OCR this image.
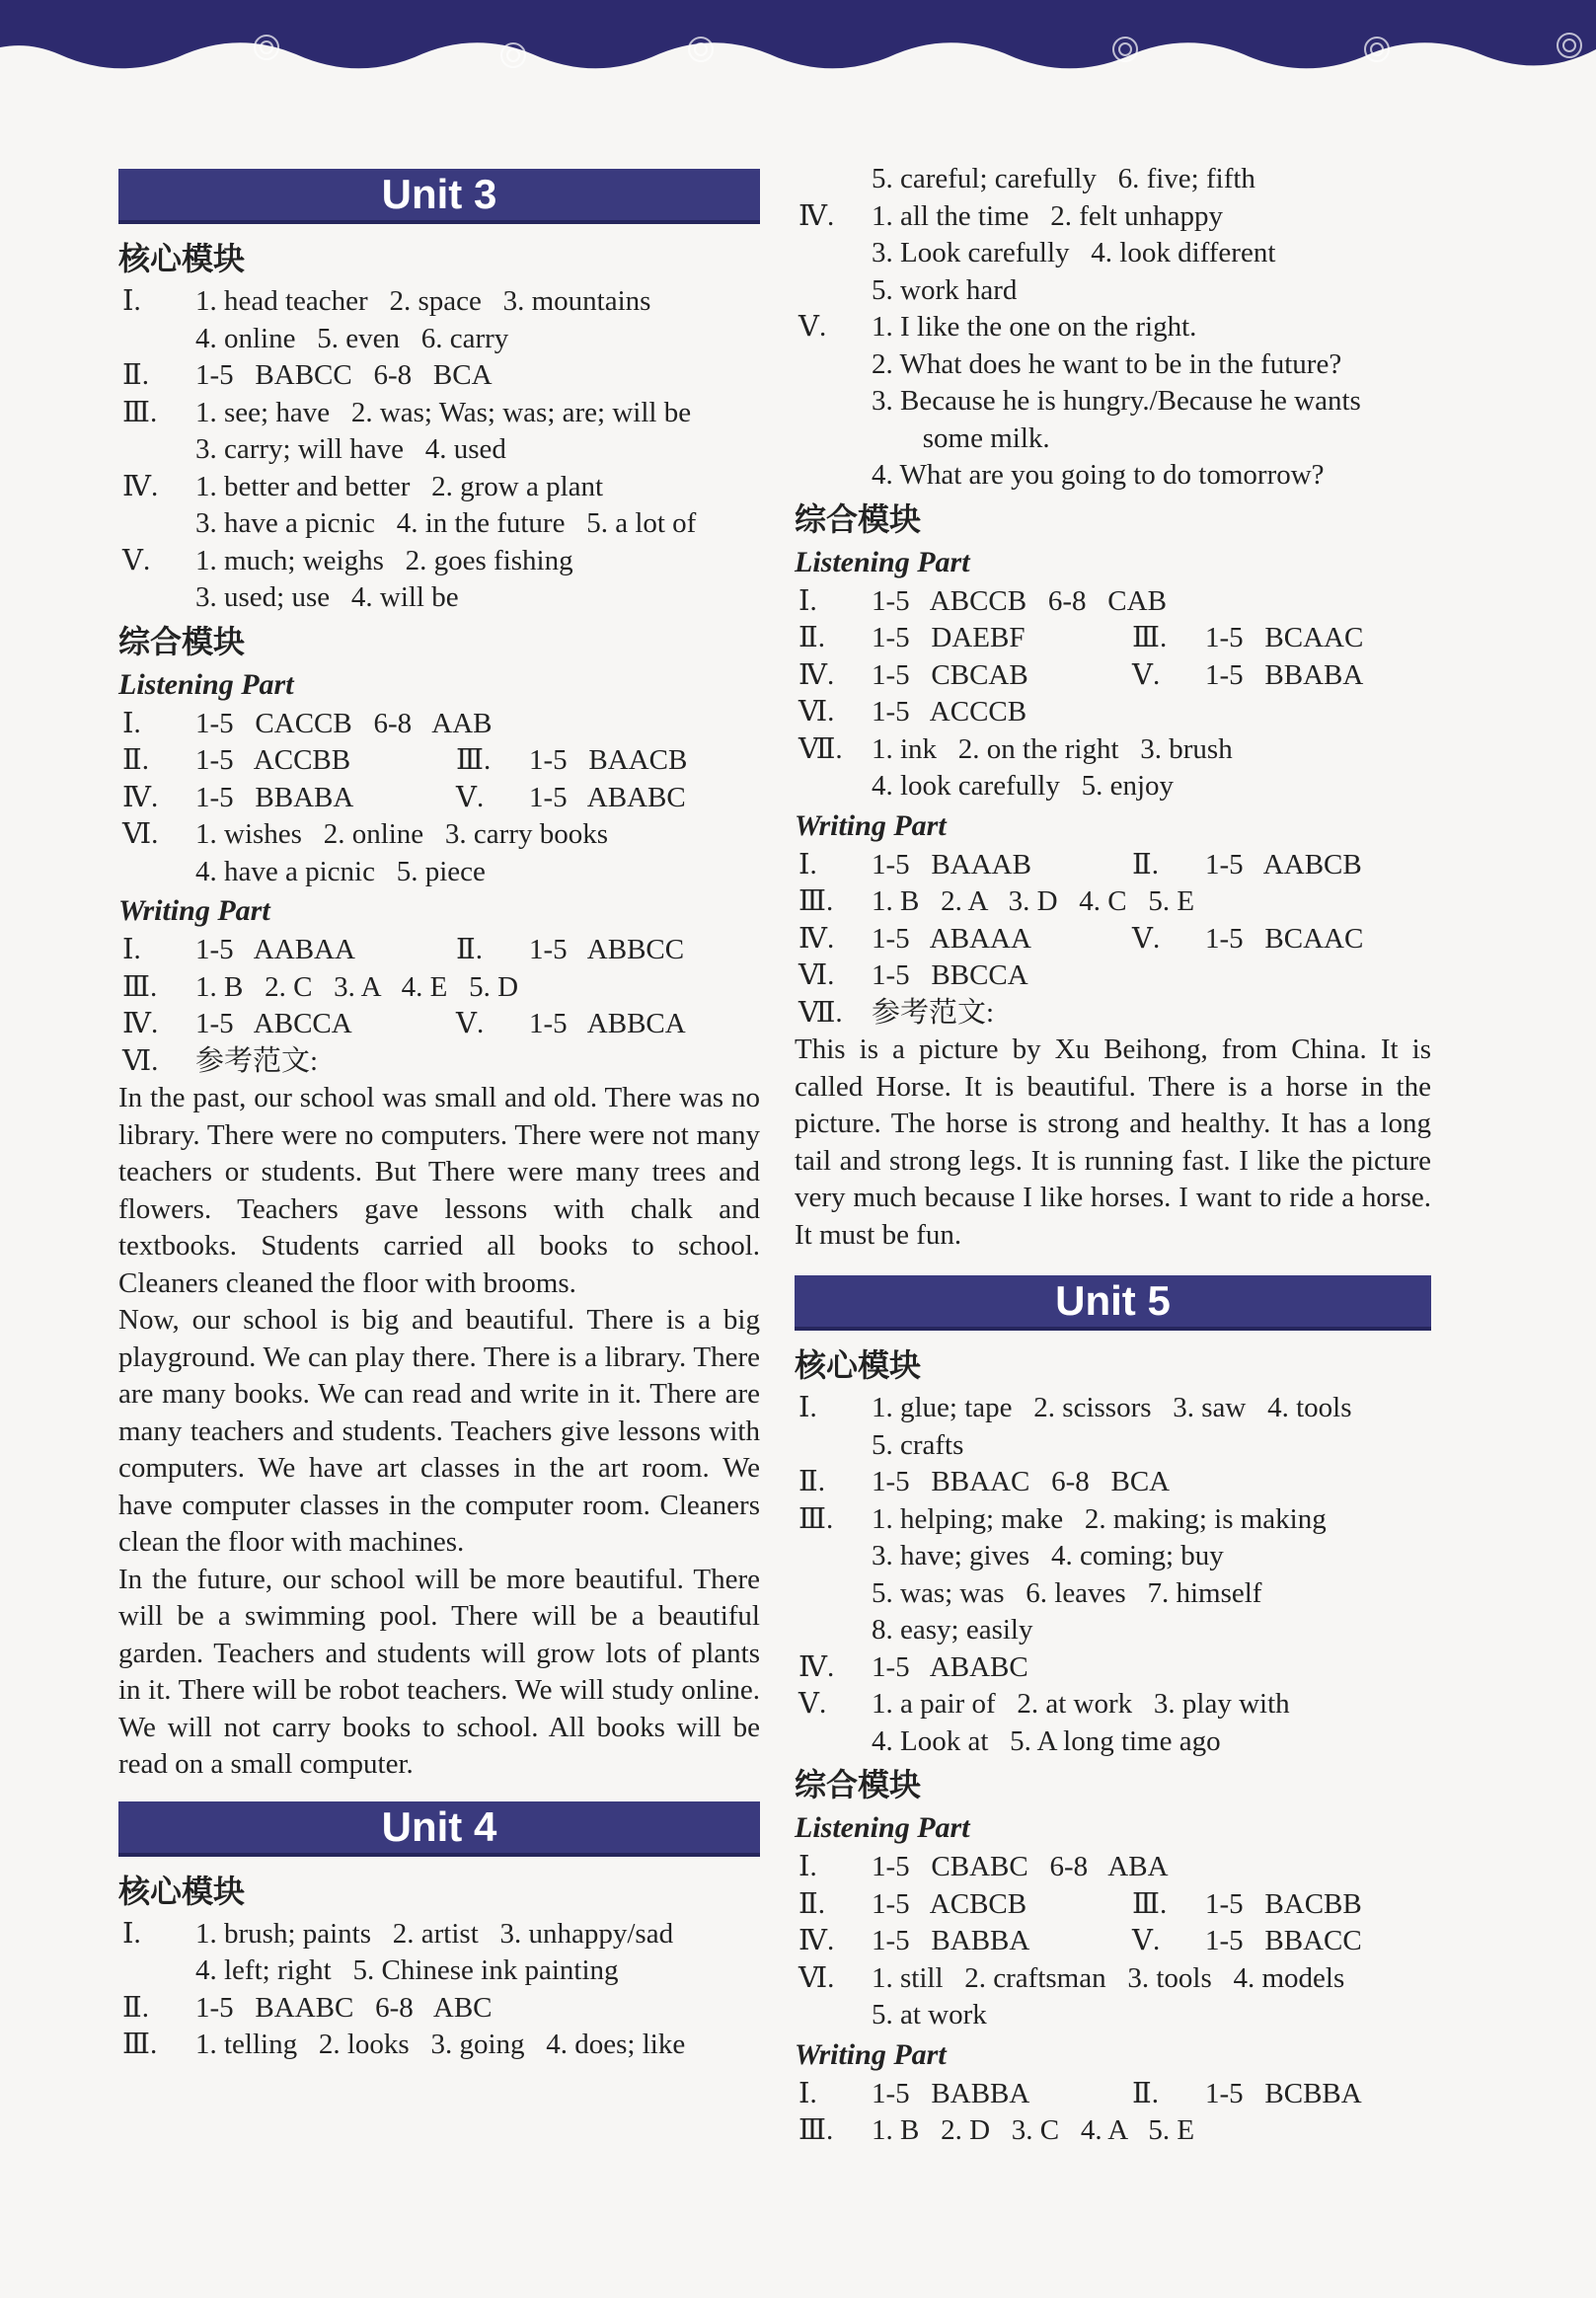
Unit 3
核心模块
Ⅰ.	1. head teacher   2. space   3. mountains
4. online   5. even   6. carry
Ⅱ.	1-5   BABCC   6-8   BCA
Ⅲ.	1. see; have   2. was; Was; was; are; will be
3. carry; will have   4. used
Ⅳ.	1. better and better   2. grow a plant
3. have a picnic   4. in the future   5. a lot of
Ⅴ.	1. much; weighs   2. goes fishing
3. used; use   4. will be
综合模块
Listening Part
Ⅰ.	1-5   CACCB   6-8   AAB
Ⅱ.	1-5   ACCBB	Ⅲ.	1-5   BAACB
Ⅳ.	1-5   BBABA	Ⅴ.	1-5   ABABC
Ⅵ.	1. wishes   2. online   3. carry books
4. have a picnic   5. piece
Writing Part
Ⅰ.	1-5   AABAA	Ⅱ.	1-5   ABBCC
Ⅲ.	1. B   2. C   3. A   4. E   5. D
Ⅳ.	1-5   ABCCA	Ⅴ.	1-5   ABBCA
Ⅵ.	参考范文:

In the past, our school was small and old. There was no library. There were no computers. There were not many teachers or students. But There were many trees and flowers. Teachers gave lessons with chalk and textbooks. Students carried all books to school. Cleaners cleaned the floor with brooms.

Now, our school is big and beautiful. There is a big playground. We can play there. There is a library. There are many books. We can read and write in it. There are many teachers and students. Teachers give lessons with computers. We have art classes in the art room. We have computer classes in the computer room. Cleaners clean the floor with machines.

In the future, our school will be more beautiful. There will be a swimming pool. There will be a beautiful garden. Teachers and students will grow lots of plants in it. There will be robot teachers. We will study online. We will not carry books to school. All books will be read on a small computer.

Unit 4
核心模块
Ⅰ.	1. brush; paints   2. artist   3. unhappy/sad
4. left; right   5. Chinese ink painting
Ⅱ.	1-5   BAABC   6-8   ABC
Ⅲ.	1. telling   2. looks   3. going   4. does; like
5. careful; carefully   6. five; fifth
Ⅳ.	1. all the time   2. felt unhappy
3. Look carefully   4. look different
5. work hard
Ⅴ.	1. I like the one on the right.
2. What does he want to be in the future?
3. Because he is hungry./Because he wants
some milk.
4. What are you going to do tomorrow?
综合模块
Listening Part
Ⅰ.	1-5   ABCCB   6-8   CAB
Ⅱ.	1-5   DAEBF	Ⅲ.	1-5   BCAAC
Ⅳ.	1-5   CBCAB	Ⅴ.	1-5   BBABA
Ⅵ.	1-5   ACCCB
Ⅶ.	1. ink   2. on the right   3. brush
4. look carefully   5. enjoy
Writing Part
Ⅰ.	1-5   BAAAB	Ⅱ.	1-5   AABCB
Ⅲ.	1. B   2. A   3. D   4. C   5. E
Ⅳ.	1-5   ABAAA	Ⅴ.	1-5   BCAAC
Ⅵ.	1-5   BBCCA
Ⅶ.	参考范文:

This is a picture by Xu Beihong, from China. It is called Horse. It is beautiful. There is a horse in the picture. The horse is strong and healthy. It has a long tail and strong legs. It is running fast. I like the picture very much because I like horses. I want to ride a horse. It must be fun.

Unit 5
核心模块
Ⅰ.	1. glue; tape   2. scissors   3. saw   4. tools
5. crafts
Ⅱ.	1-5   BBAAC   6-8   BCA
Ⅲ.	1. helping; make   2. making; is making
3. have; gives   4. coming; buy
5. was; was   6. leaves   7. himself
8. easy; easily
Ⅳ.	1-5   ABABC
Ⅴ.	1. a pair of   2. at work   3. play with
4. Look at   5. A long time ago
综合模块
Listening Part
Ⅰ.	1-5   CBABC   6-8   ABA
Ⅱ.	1-5   ACBCB	Ⅲ.	1-5   BACBB
Ⅳ.	1-5   BABBA	Ⅴ.	1-5   BBACC
Ⅵ.	1. still   2. craftsman   3. tools   4. models
5. at work
Writing Part
Ⅰ.	1-5   BABBA	Ⅱ.	1-5   BCBBA
Ⅲ.	1. B   2. D   3. C   4. A   5. E
